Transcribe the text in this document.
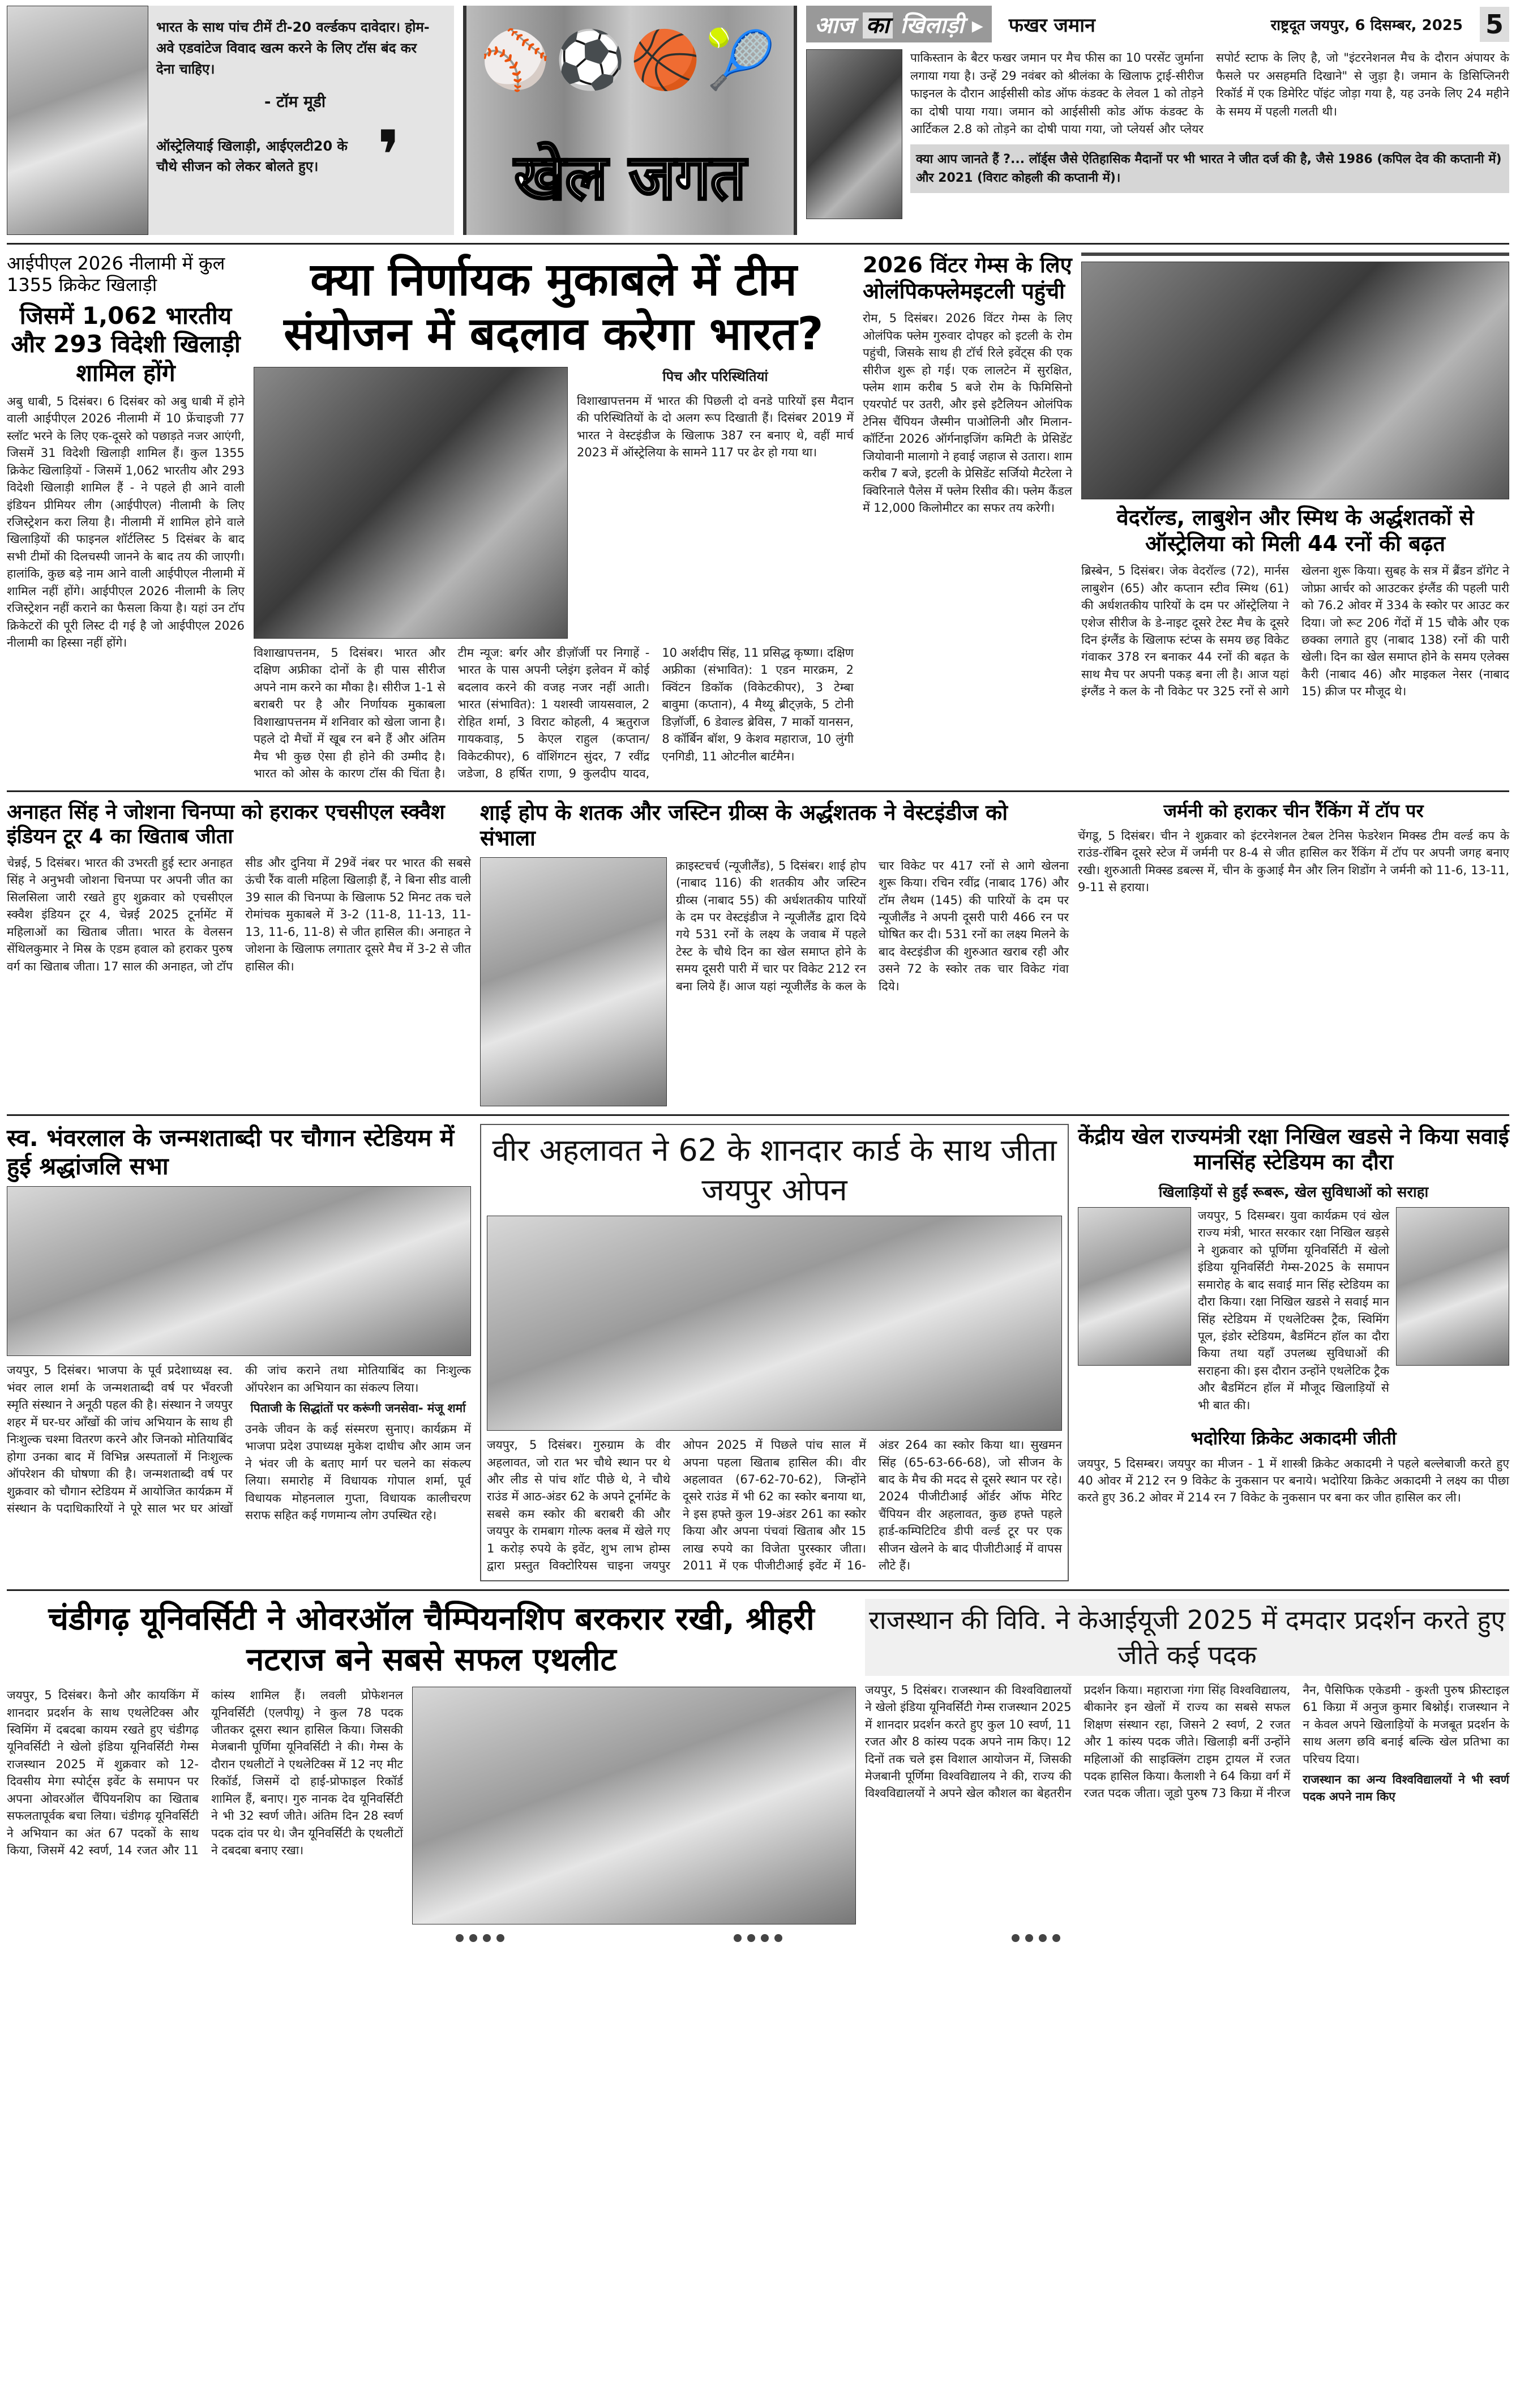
भारत के साथ पांच टीमें टी-20 वर्ल्डकप दावेदार। होम-अवे एडवांटेज विवाद खत्म करने के लिए टॉस बंद कर देना चाहिए।
- टॉम मूडी
ऑस्ट्रेलियाई खिलाड़ी, आईएलटी20 के चौथे सीजन को लेकर बोलते हुए। ❜
⚾⚽🏀🎾
खेल जगत
आज का खिलाड़ी ▸	फखर जमान	राष्ट्रदूत जयपुर, 6 दिसम्बर, 2025 5
पाकिस्तान के बैटर फखर जमान पर मैच फीस का 10 परसेंट जुर्माना लगाया गया है। उन्हें 29 नवंबर को श्रीलंका के खिलाफ ट्राई-सीरीज फाइनल के दौरान आईसीसी कोड ऑफ कंडक्ट के लेवल 1 को तोड़ने का दोषी पाया गया। जमान को आईसीसी कोड ऑफ कंडक्ट के आर्टिकल 2.8 को तोड़ने का दोषी पाया गया, जो प्लेयर्स और प्लेयर सपोर्ट स्टाफ के लिए है, जो "इंटरनेशनल मैच के दौरान अंपायर के फैसले पर असहमति दिखाने" से जुड़ा है। जमान के डिसिप्लिनरी रिकॉर्ड में एक डिमेरिट पॉइंट जोड़ा गया है, यह उनके लिए 24 महीने के समय में पहली गलती थी।
क्या आप जानते हैं ?... लॉर्ड्स जैसे ऐतिहासिक मैदानों पर भी भारत ने जीत दर्ज की है, जैसे 1986 (कपिल देव की कप्तानी में) और 2021 (विराट कोहली की कप्तानी में)।
आईपीएल 2026 नीलामी में कुल 1355 क्रिकेट खिलाड़ी
जिसमें 1,062 भारतीय और 293 विदेशी खिलाड़ी शामिल होंगे
अबु धाबी, 5 दिसंबर। 6 दिसंबर को अबु धाबी में होने वाली आईपीएल 2026 नीलामी में 10 फ्रेंचाइजी 77 स्लॉट भरने के लिए एक-दूसरे को पछाड़ते नजर आएंगी, जिसमें 31 विदेशी खिलाड़ी शामिल हैं। कुल 1355 क्रिकेट खिलाड़ियों - जिसमें 1,062 भारतीय और 293 विदेशी खिलाड़ी शामिल हैं - ने पहले ही आने वाली इंडियन प्रीमियर लीग (आईपीएल) नीलामी के लिए रजिस्ट्रेशन करा लिया है। नीलामी में शामिल होने वाले खिलाड़ियों की फाइनल शॉर्टलिस्ट 5 दिसंबर के बाद सभी टीमों की दिलचस्पी जानने के बाद तय की जाएगी। हालांकि, कुछ बड़े नाम आने वाली आईपीएल नीलामी में शामिल नहीं होंगे। आईपीएल 2026 नीलामी के लिए रजिस्ट्रेशन नहीं कराने का फैसला किया है। यहां उन टॉप क्रिकेटरों की पूरी लिस्ट दी गई है जो आईपीएल 2026 नीलामी का हिस्सा नहीं होंगे।
क्या निर्णायक मुकाबले में टीम संयोजन में बदलाव करेगा भारत?
पिच और परिस्थितियां
विशाखापत्तनम में भारत की पिछली दो वनडे पारियों इस मैदान की परिस्थितियों के दो अलग रूप दिखाती हैं। दिसंबर 2019 में भारत ने वेस्टइंडीज के खिलाफ 387 रन बनाए थे, वहीं मार्च 2023 में ऑस्ट्रेलिया के सामने 117 पर ढेर हो गया था।
विशाखापत्तनम, 5 दिसंबर। भारत और दक्षिण अफ्रीका दोनों के ही पास सीरीज अपने नाम करने का मौका है। सीरीज 1-1 से बराबरी पर है और निर्णायक मुकाबला विशाखापत्तनम में शनिवार को खेला जाना है। पहले दो मैचों में खूब रन बने हैं और अंतिम मैच भी कुछ ऐसा ही होने की उम्मीद है। भारत को ओस के कारण टॉस की चिंता है। टीम न्यूज: बर्गर और डीज़ॉर्जी पर निगाहें - भारत के पास अपनी प्लेइंग इलेवन में कोई बदलाव करने की वजह नजर नहीं आती। भारत (संभावित): 1 यशस्वी जायसवाल, 2 रोहित शर्मा, 3 विराट कोहली, 4 ऋतुराज गायकवाड़, 5 केएल राहुल (कप्तान/विकेटकीपर), 6 वॉशिंगटन सुंदर, 7 रवींद्र जडेजा, 8 हर्षित राणा, 9 कुलदीप यादव, 10 अर्शदीप सिंह, 11 प्रसिद्ध कृष्णा। दक्षिण अफ्रीका (संभावित): 1 एडन मारक्रम, 2 क्विंटन डिकॉक (विकेटकीपर), 3 टेम्बा बावुमा (कप्तान), 4 मैथ्यू ब्रीट्ज़के, 5 टोनी डिज़ॉर्जी, 6 डेवाल्ड ब्रेविस, 7 मार्को यानसन, 8 कॉर्बिन बॉश, 9 केशव महाराज, 10 लुंगी एनगिडी, 11 ओटनील बार्टमैन।
2026 विंटर गेम्स के लिए ओलंपिकफ्लेमइटली पहुंची
रोम, 5 दिसंबर। 2026 विंटर गेम्स के लिए ओलंपिक फ्लेम गुरुवार दोपहर को इटली के रोम पहुंची, जिसके साथ ही टॉर्च रिले इवेंट्स की एक सीरीज शुरू हो गई। एक लालटेन में सुरक्षित, फ्लेम शाम करीब 5 बजे रोम के फिमिसिनो एयरपोर्ट पर उतरी, और इसे इटैलियन ओलंपिक टेनिस चैंपियन जैस्मीन पाओलिनी और मिलान-कॉर्टिना 2026 ऑर्गनाइजिंग कमिटी के प्रेसिडेंट जियोवानी मालागो ने हवाई जहाज से उतारा। शाम करीब 7 बजे, इटली के प्रेसिडेंट सर्जियो मैटरेला ने क्विरिनाले पैलेस में फ्लेम रिसीव की। फ्लेम कैंडल में 12,000 किलोमीटर का सफर तय करेगी।	वेदरॉल्ड, लाबुशेन और स्मिथ के अर्द्धशतकों से ऑस्ट्रेलिया को मिली 44 रनों की बढ़त
ब्रिस्बेन, 5 दिसंबर। जेक वेदरॉल्ड (72), मार्नस लाबुशेन (65) और कप्तान स्टीव स्मिथ (61) की अर्धशतकीय पारियों के दम पर ऑस्ट्रेलिया ने एशेज सीरीज के डे-नाइट दूसरे टेस्ट मैच के दूसरे दिन इंग्लैंड के खिलाफ स्टंप्स के समय छह विकेट गंवाकर 378 रन बनाकर 44 रनों की बढ़त के साथ मैच पर अपनी पकड़ बना ली है। आज यहां इंग्लैंड ने कल के नौ विकेट पर 325 रनों से आगे खेलना शुरू किया। सुबह के सत्र में ब्रैंडन डॉगेट ने जोफ्रा आर्चर को आउटकर इंग्लैंड की पहली पारी को 76.2 ओवर में 334 के स्कोर पर आउट कर दिया। जो रूट 206 गेंदों में 15 चौके और एक छक्का लगाते हुए (नाबाद 138) रनों की पारी खेली। दिन का खेल समाप्त होने के समय एलेक्स कैरी (नाबाद 46) और माइकल नेसर (नाबाद 15) क्रीज पर मौजूद थे।
अनाहत सिंह ने जोशना चिनप्पा को हराकर एचसीएल स्क्वैश इंडियन टूर 4 का खिताब जीता
चेन्नई, 5 दिसंबर। भारत की उभरती हुई स्टार अनाहत सिंह ने अनुभवी जोशना चिनप्पा पर अपनी जीत का सिलसिला जारी रखते हुए शुक्रवार को एचसीएल स्क्वैश इंडियन टूर 4, चेन्नई 2025 टूर्नामेंट में महिलाओं का खिताब जीता। भारत के वेलसन सेंथिलकुमार ने मिस्र के एडम हवाल को हराकर पुरुष वर्ग का खिताब जीता। 17 साल की अनाहत, जो टॉप सीड और दुनिया में 29वें नंबर पर भारत की सबसे ऊंची रैंक वाली महिला खिलाड़ी हैं, ने बिना सीड वाली 39 साल की चिनप्पा के खिलाफ 52 मिनट तक चले रोमांचक मुकाबले में 3-2 (11-8, 11-13, 11-13, 11-6, 11-8) से जीत हासिल की। अनाहत ने जोशना के खिलाफ लगातार दूसरे मैच में 3-2 से जीत हासिल की।
शाई होप के शतक और जस्टिन ग्रीव्स के अर्द्धशतक ने वेस्टइंडीज को संभाला
क्राइस्टचर्च (न्यूजीलैंड), 5 दिसंबर। शाई होप (नाबाद 116) की शतकीय और जस्टिन ग्रीव्स (नाबाद 55) की अर्धशतकीय पारियों के दम पर वेस्टइंडीज ने न्यूजीलैंड द्वारा दिये गये 531 रनों के लक्ष्य के जवाब में पहले टेस्ट के चौथे दिन का खेल समाप्त होने के समय दूसरी पारी में चार पर विकेट 212 रन बना लिये हैं। आज यहां न्यूजीलैंड के कल के चार विकेट पर 417 रनों से आगे खेलना शुरू किया। रचिन रवींद्र (नाबाद 176) और टॉम लैथम (145) की पारियों के दम पर न्यूजीलैंड ने अपनी दूसरी पारी 466 रन पर घोषित कर दी। 531 रनों का लक्ष्य मिलने के बाद वेस्टइंडीज की शुरुआत खराब रही और उसने 72 के स्कोर तक चार विकेट गंवा दिये।
जर्मनी को हराकर चीन रैंकिंग में टॉप पर
चेंगडू, 5 दिसंबर। चीन ने शुक्रवार को इंटरनेशनल टेबल टेनिस फेडरेशन मिक्स्ड टीम वर्ल्ड कप के राउंड-रॉबिन दूसरे स्टेज में जर्मनी पर 8-4 से जीत हासिल कर रैंकिंग में टॉप पर अपनी जगह बनाए रखी। शुरुआती मिक्स्ड डबल्स में, चीन के कुआई मैन और लिन शिडोंग ने जर्मनी को 11-6, 13-11, 9-11 से हराया।
स्व. भंवरलाल के जन्मशताब्दी पर चौगान स्टेडियम में हुई श्रद्धांजलि सभा
जयपुर, 5 दिसंबर। भाजपा के पूर्व प्रदेशाध्यक्ष स्व. भंवर लाल शर्मा के जन्मशताब्दी वर्ष पर भँवरजी स्मृति संस्थान ने अनूठी पहल की है। संस्थान ने जयपुर शहर में घर-घर आँखों की जांच अभियान के साथ ही निःशुल्क चश्मा वितरण करने और जिनको मोतियाबिंद होगा उनका बाद में विभिन्न अस्पतालों में निःशुल्क ऑपरेशन की घोषणा की है। जन्मशताब्दी वर्ष पर शुक्रवार को चौगान स्टेडियम में आयोजित कार्यक्रम में संस्थान के पदाधिकारियों ने पूरे साल भर घर आंखों की जांच कराने तथा मोतियाबिंद का निःशुल्क ऑपरेशन का अभियान का संकल्प लिया।
पिताजी के सिद्धांतों पर करूंगी जनसेवा- मंजू शर्मा
उनके जीवन के कई संस्मरण सुनाए। कार्यक्रम में भाजपा प्रदेश उपाध्यक्ष मुकेश दाधीच और आम जन ने भंवर जी के बताए मार्ग पर चलने का संकल्प लिया। समारोह में विधायक गोपाल शर्मा, पूर्व विधायक मोहनलाल गुप्ता, विधायक कालीचरण सराफ सहित कई गणमान्य लोग उपस्थित रहे।
वीर अहलावत ने 62 के शानदार कार्ड के साथ जीता जयपुर ओपन
जयपुर, 5 दिसंबर। गुरुग्राम के वीर अहलावत, जो रात भर चौथे स्थान पर थे और लीड से पांच शॉट पीछे थे, ने चौथे राउंड में आठ-अंडर 62 के अपने टूर्नामेंट के सबसे कम स्कोर की बराबरी की और जयपुर के रामबाग गोल्फ क्लब में खेले गए 1 करोड़ रुपये के इवेंट, शुभ लाभ होम्स द्वारा प्रस्तुत विक्टोरियस चाइना जयपुर ओपन 2025 में पिछले पांच साल में अपना पहला खिताब हासिल की। वीर अहलावत (67-62-70-62), जिन्होंने दूसरे राउंड में भी 62 का स्कोर बनाया था, ने इस हफ्ते कुल 19-अंडर 261 का स्कोर किया और अपना पंचवां खिताब और 15 लाख रुपये का विजेता पुरस्कार जीता। 2011 में एक पीजीटीआई इवेंट में 16-अंडर 264 का स्कोर किया था। सुखमन सिंह (65-63-66-68), जो सीजन के बाद के मैच की मदद से दूसरे स्थान पर रहे। 2024 पीजीटीआई ऑर्डर ऑफ मेरिट चैंपियन वीर अहलावत, कुछ हफ्ते पहले हार्ड-कम्पिटिटिव डीपी वर्ल्ड टूर पर एक सीजन खेलने के बाद पीजीटीआई में वापस लौटे हैं।
केंद्रीय खेल राज्यमंत्री रक्षा निखिल खडसे ने किया सवाई मानसिंह स्टेडियम का दौरा
खिलाड़ियों से हुईं रूबरू, खेल सुविधाओं को सराहा
जयपुर, 5 दिसम्बर। युवा कार्यक्रम एवं खेल राज्य मंत्री, भारत सरकार रक्षा निखिल खड़से ने शुक्रवार को पूर्णिमा यूनिवर्सिटी में खेलो इंडिया यूनिवर्सिटी गेम्स-2025 के समापन समारोह के बाद सवाई मान सिंह स्टेडियम का दौरा किया। रक्षा निखिल खडसे ने सवाई मान सिंह स्टेडियम में एथलेटिक्स ट्रैक, स्विमिंग पूल, इंडोर स्टेडियम, बैडमिंटन हॉल का दौरा किया तथा यहाँ उपलब्ध सुविधाओं की सराहना की। इस दौरान उन्होंने एथलेटिक ट्रैक और बैडमिंटन हॉल में मौजूद खिलाड़ियों से भी बात की।
भदोरिया क्रिकेट अकादमी जीती
जयपुर, 5 दिसम्बर। जयपुर का मीजन - 1 में शास्त्री क्रिकेट अकादमी ने पहले बल्लेबाजी करते हुए 40 ओवर में 212 रन 9 विकेट के नुकसान पर बनाये। भदोरिया क्रिकेट अकादमी ने लक्ष्य का पीछा करते हुए 36.2 ओवर में 214 रन 7 विकेट के नुकसान पर बना कर जीत हासिल कर ली।
चंडीगढ़ यूनिवर्सिटी ने ओवरऑल चैम्पियनशिप बरकरार रखी, श्रीहरी नटराज बने सबसे सफल एथलीट
जयपुर, 5 दिसंबर। कैनो और कायकिंग में शानदार प्रदर्शन के साथ एथलेटिक्स और स्विमिंग में दबदबा कायम रखते हुए चंडीगढ़ यूनिवर्सिटी ने खेलो इंडिया यूनिवर्सिटी गेम्स राजस्थान 2025 में शुक्रवार को 12-दिवसीय मेगा स्पोर्ट्स इवेंट के समापन पर अपना ओवरऑल चैंपियनशिप का खिताब सफलतापूर्वक बचा लिया। चंडीगढ़ यूनिवर्सिटी ने अभियान का अंत 67 पदकों के साथ किया, जिसमें 42 स्वर्ण, 14 रजत और 11 कांस्य शामिल हैं। लवली प्रोफेशनल यूनिवर्सिटी (एलपीयू) ने कुल 78 पदक जीतकर दूसरा स्थान हासिल किया। जिसकी मेजबानी पूर्णिमा यूनिवर्सिटी ने की। गेम्स के दौरान एथलीटों ने एथलेटिक्स में 12 नए मीट रिकॉर्ड, जिसमें दो हाई-प्रोफाइल रिकॉर्ड शामिल हैं, बनाए। गुरु नानक देव यूनिवर्सिटी ने भी 32 स्वर्ण जीते। अंतिम दिन 28 स्वर्ण पदक दांव पर थे। जैन यूनिवर्सिटी के एथलीटों ने दबदबा बनाए रखा।
राजस्थान की विवि. ने केआईयूजी 2025 में दमदार प्रदर्शन करते हुए जीते कई पदक
जयपुर, 5 दिसंबर। राजस्थान की विश्वविद्यालयों ने खेलो इंडिया यूनिवर्सिटी गेम्स राजस्थान 2025 में शानदार प्रदर्शन करते हुए कुल 10 स्वर्ण, 11 रजत और 8 कांस्य पदक अपने नाम किए। 12 दिनों तक चले इस विशाल आयोजन में, जिसकी मेजबानी पूर्णिमा विश्वविद्यालय ने की, राज्य की विश्वविद्यालयों ने अपने खेल कौशल का बेहतरीन प्रदर्शन किया। महाराजा गंगा सिंह विश्वविद्यालय, बीकानेर इन खेलों में राज्य का सबसे सफल शिक्षण संस्थान रहा, जिसने 2 स्वर्ण, 2 रजत और 1 कांस्य पदक जीते। खिलाड़ी बनीं उन्होंने महिलाओं की साइक्लिंग टाइम ट्रायल में रजत पदक हासिल किया। कैलाशी ने 64 किग्रा वर्ग में रजत पदक जीता। जूडो पुरुष 73 किग्रा में नीरज नैन, पैसिफिक एकेडमी - कुश्ती पुरुष फ्रीस्टाइल 61 किग्रा में अनुज कुमार बिश्नोई। राजस्थान ने न केवल अपने खिलाड़ियों के मजबूत प्रदर्शन के साथ अलग छवि बनाई बल्कि खेल प्रतिभा का परिचय दिया।
राजस्थान का अन्य विश्वविद्यालयों ने भी स्वर्ण पदक अपने नाम किए
